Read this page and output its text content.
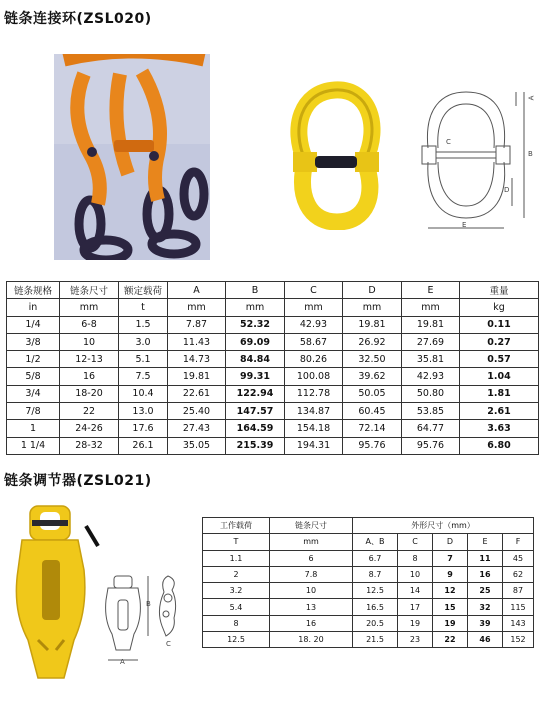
链条连接环(ZSL020)
A
B
C
D
E
链条规格	链条尺寸	额定载荷	A	B	C	D	E	重量
in	mm	t	mm	mm	mm	mm	mm	kg
1/4	6-8	1.5	7.87	52.32	42.93	19.81	19.81	0.11
3/8	10	3.0	11.43	69.09	58.67	26.92	27.69	0.27
1/2	12-13	5.1	14.73	84.84	80.26	32.50	35.81	0.57
5/8	16	7.5	19.81	99.31	100.08	39.62	42.93	1.04
3/4	18-20	10.4	22.61	122.94	112.78	50.05	50.80	1.81
7/8	22	13.0	25.40	147.57	134.87	60.45	53.85	2.61
1	24-26	17.6	27.43	164.59	154.18	72.14	64.77	3.63
1 1/4	28-32	26.1	35.05	215.39	194.31	95.76	95.76	6.80
链条调节器(ZSL021)
A
B
C
工作载荷	链条尺寸	外形尺寸（mm）				
T	mm	A、B	C	D	E	F
1.1	6	6.7	8	7	11	45
2	7.8	8.7	10	9	16	62
3.2	10	12.5	14	12	25	87
5.4	13	16.5	17	15	32	115
8	16	20.5	19	19	39	143
12.5	18. 20	21.5	23	22	46	152
